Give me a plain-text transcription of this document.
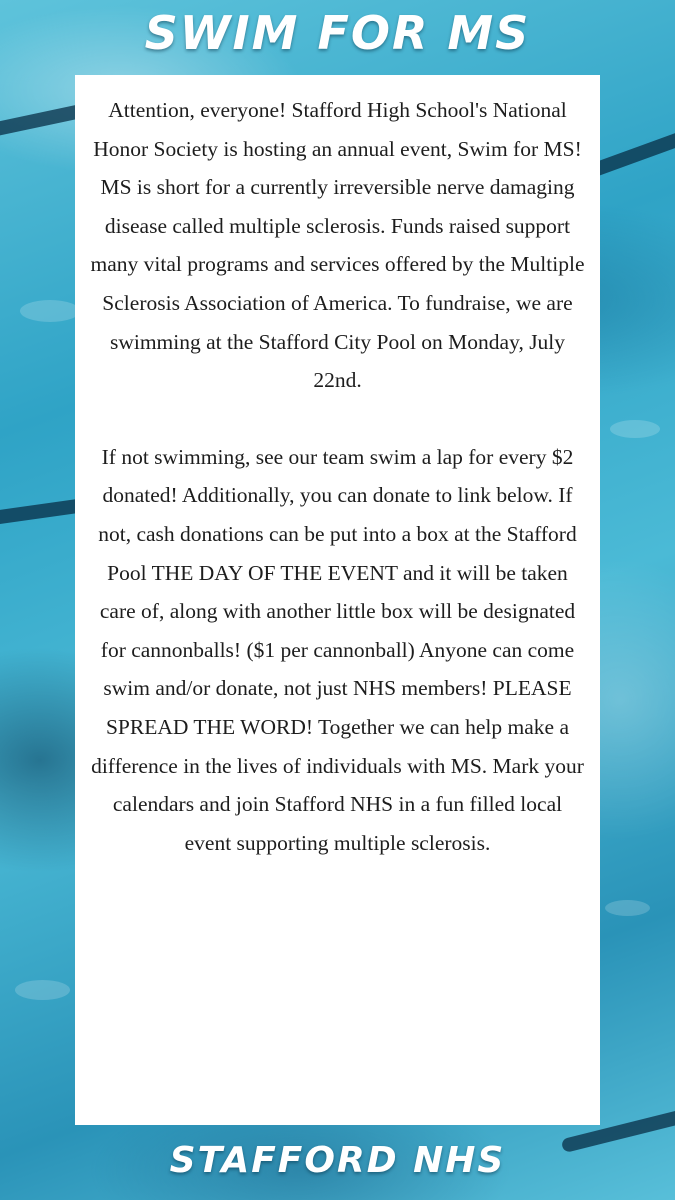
SWIM FOR MS

Attention, everyone! Stafford High School's National Honor Society is hosting an annual event, Swim for MS! MS is short for a currently irreversible nerve damaging disease called multiple sclerosis. Funds raised support many vital programs and services offered by the Multiple Sclerosis Association of America. To fundraise, we are swimming at the Stafford City Pool on Monday, July 22nd.

If not swimming, see our team swim a lap for every $2 donated! Additionally, you can donate to link below. If not, cash donations can be put into a box at the Stafford Pool THE DAY OF THE EVENT and it will be taken care of, along with another little box will be designated for cannonballs! ($1 per cannonball) Anyone can come swim and/or donate, not just NHS members! PLEASE SPREAD THE WORD! Together we can help make a difference in the lives of individuals with MS. Mark your calendars and join Stafford NHS in a fun filled local event supporting multiple sclerosis.

STAFFORD NHS
